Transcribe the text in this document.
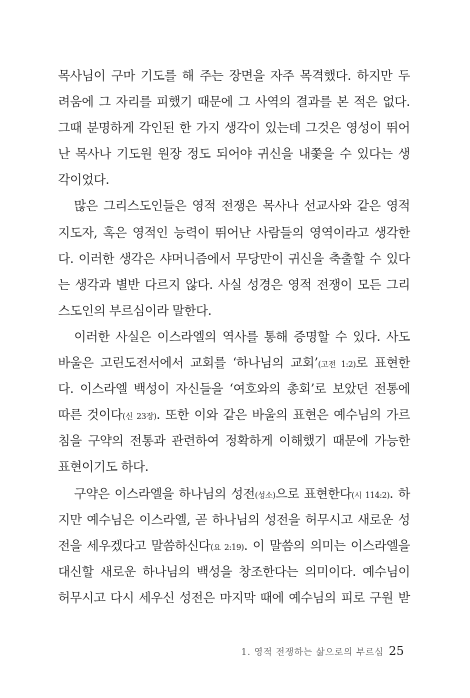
목사님이 구마 기도를 해 주는 장면을 자주 목격했다. 하지만 두
려움에 그 자리를 피했기 때문에 그 사역의 결과를 본 적은 없다.
그때 분명하게 각인된 한 가지 생각이 있는데 그것은 영성이 뛰어
난 목사나 기도원 원장 정도 되어야 귀신을 내쫓을 수 있다는 생
각이었다.
많은 그리스도인들은 영적 전쟁은 목사나 선교사와 같은 영적
지도자, 혹은 영적인 능력이 뛰어난 사람들의 영역이라고 생각한
다. 이러한 생각은 샤머니즘에서 무당만이 귀신을 축출할 수 있다
는 생각과 별반 다르지 않다. 사실 성경은 영적 전쟁이 모든 그리
스도인의 부르심이라 말한다.
이러한 사실은 이스라엘의 역사를 통해 증명할 수 있다. 사도
바울은 고린도전서에서 교회를 ‘하나님의 교회’(고전 1:2)로 표현한
다. 이스라엘 백성이 자신들을 ‘여호와의 총회’로 보았던 전통에
따른 것이다(신 23장). 또한 이와 같은 바울의 표현은 예수님의 가르
침을 구약의 전통과 관련하여 정확하게 이해했기 때문에 가능한
표현이기도 하다.
구약은 이스라엘을 하나님의 성전(성소)으로 표현한다(시 114:2). 하
지만 예수님은 이스라엘, 곧 하나님의 성전을 허무시고 새로운 성
전을 세우겠다고 말씀하신다(요 2:19). 이 말씀의 의미는 이스라엘을
대신할 새로운 하나님의 백성을 창조한다는 의미이다. 예수님이
허무시고 다시 세우신 성전은 마지막 때에 예수님의 피로 구원 받
1. 영적 전쟁하는 삶으로의 부르심 25
